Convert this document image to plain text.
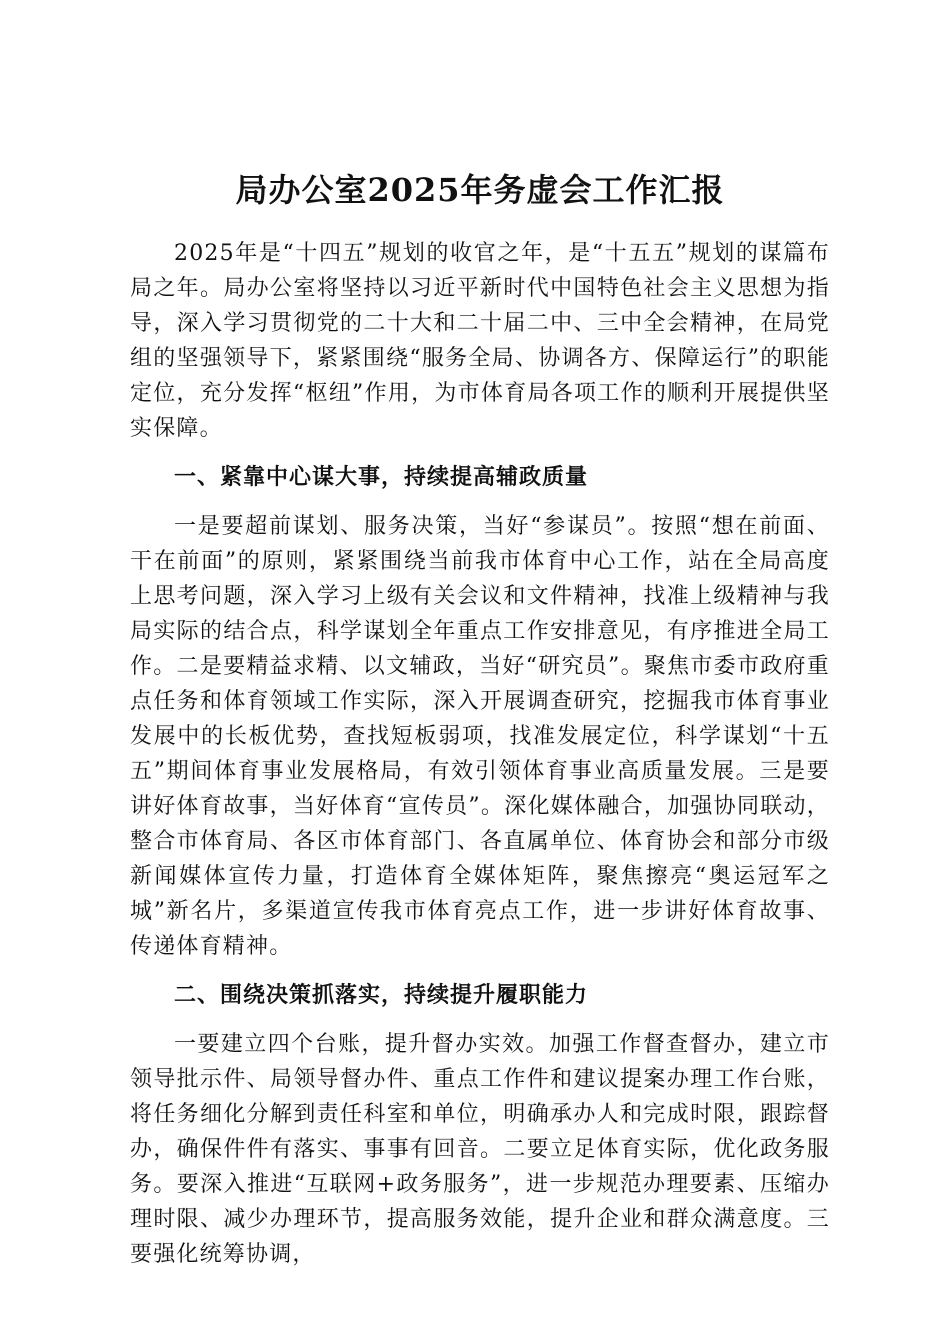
局办公室2025年务虚会工作汇报

2025年是“十四五”规划的收官之年，是“十五五”规划的谋篇布局之年。局办公室将坚持以习近平新时代中国特色社会主义思想为指导，深入学习贯彻党的二十大和二十届二中、三中全会精神，在局党组的坚强领导下，紧紧围绕“服务全局、协调各方、保障运行”的职能定位，充分发挥“枢纽”作用，为市体育局各项工作的顺利开展提供坚实保障。

一、紧靠中心谋大事，持续提高辅政质量

一是要超前谋划、服务决策，当好“参谋员”。按照“想在前面、干在前面”的原则，紧紧围绕当前我市体育中心工作，站在全局高度上思考问题，深入学习上级有关会议和文件精神，找准上级精神与我局实际的结合点，科学谋划全年重点工作安排意见，有序推进全局工作。二是要精益求精、以文辅政，当好“研究员”。聚焦市委市政府重点任务和体育领域工作实际，深入开展调查研究，挖掘我市体育事业发展中的长板优势，查找短板弱项，找准发展定位，科学谋划“十五五”期间体育事业发展格局，有效引领体育事业高质量发展。三是要讲好体育故事，当好体育“宣传员”。深化媒体融合，加强协同联动，整合市体育局、各区市体育部门、各直属单位、体育协会和部分市级新闻媒体宣传力量，打造体育全媒体矩阵，聚焦擦亮“奥运冠军之城”新名片，多渠道宣传我市体育亮点工作，进一步讲好体育故事、传递体育精神。

二、围绕决策抓落实，持续提升履职能力

一要建立四个台账，提升督办实效。加强工作督查督办，建立市领导批示件、局领导督办件、重点工作件和建议提案办理工作台账，将任务细化分解到责任科室和单位，明确承办人和完成时限，跟踪督办，确保件件有落实、事事有回音。二要立足体育实际，优化政务服务。要深入推进“互联网+政务服务”，进一步规范办理要素、压缩办理时限、减少办理环节，提高服务效能，提升企业和群众满意度。三要强化统筹协调，
